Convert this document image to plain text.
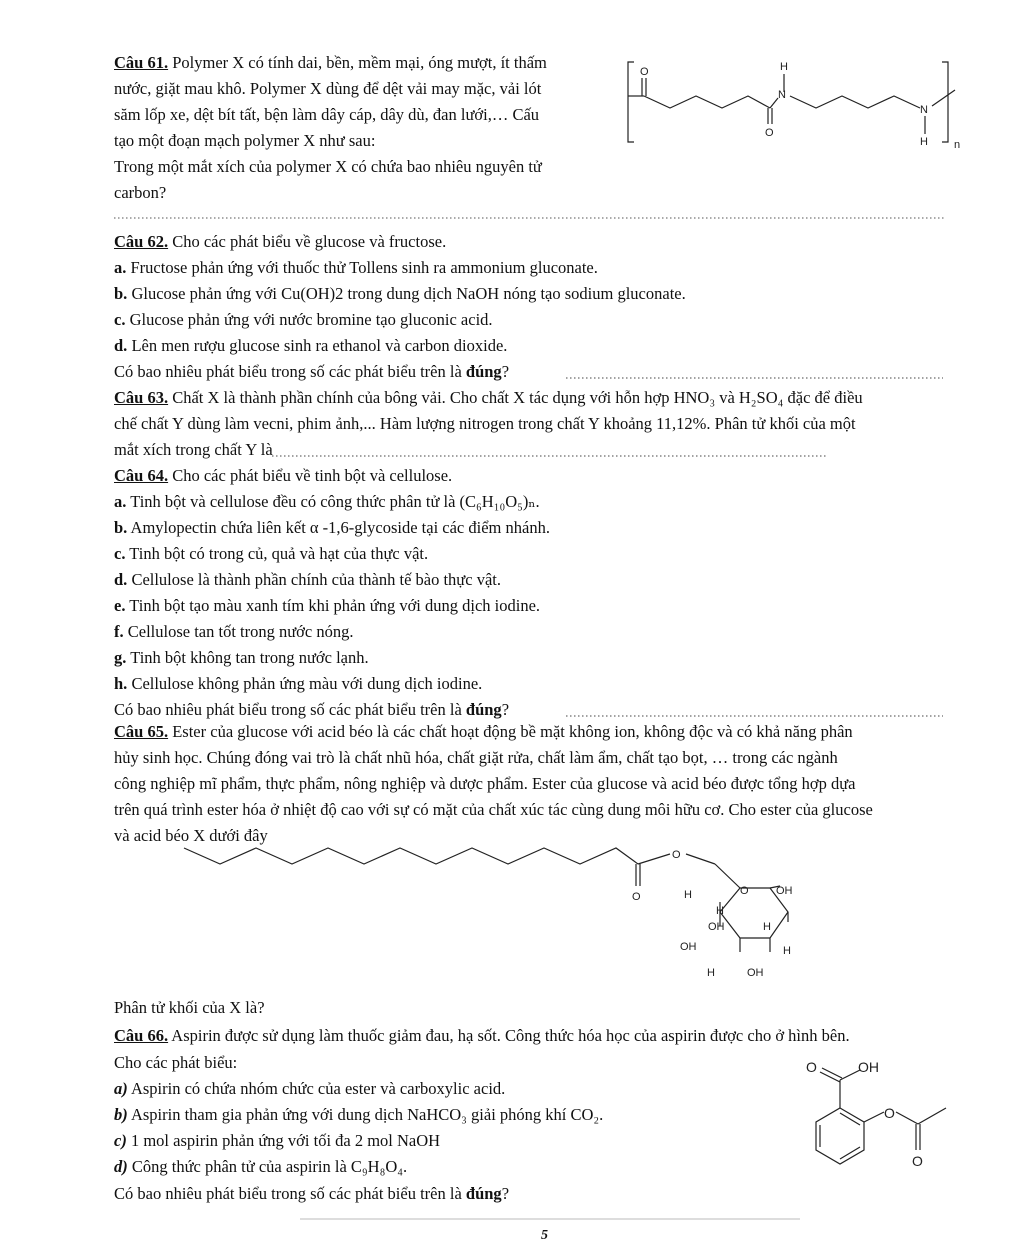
Câu 61. Polymer X có tính dai, bền, mềm mại, óng mượt, ít thấm
nước, giặt mau khô. Polymer X dùng để dệt vải may mặc, vải lót
săm lốp xe, dệt bít tất, bện làm dây cáp, dây dù, đan lưới,… Cấu
tạo một đoạn mạch polymer X như sau:
Trong một mắt xích của polymer X có chứa bao nhiêu nguyên tử
carbon?
O
O
H
N
N
H n
Câu 62. Cho các phát biểu về glucose và fructose.
a. Fructose phản ứng với thuốc thử Tollens sinh ra ammonium gluconate.
b. Glucose phản ứng với Cu(OH)2 trong dung dịch NaOH nóng tạo sodium gluconate.
c. Glucose phản ứng với nước bromine tạo gluconic acid.
d. Lên men rượu glucose sinh ra ethanol và carbon dioxide.
Có bao nhiêu phát biểu trong số các phát biểu trên là đúng?
Câu 63. Chất X là thành phần chính của bông vải. Cho chất X tác dụng với hỗn hợp HNO₃ và H₂SO₄ đặc để điều
chế chất Y dùng làm vecni, phim ảnh,... Hàm lượng nitrogen trong chất Y khoảng 11,12%. Phân tử khối của một
mắt xích trong chất Y là
Câu 64. Cho các phát biểu về tinh bột và cellulose.
a. Tinh bột và cellulose đều có công thức phân tử là (C₆H₁₀O₅)ₙ.
b. Amylopectin chứa liên kết α -1,6-glycoside tại các điểm nhánh.
c. Tinh bột có trong củ, quả và hạt của thực vật.
d. Cellulose là thành phần chính của thành tế bào thực vật.
e. Tinh bột tạo màu xanh tím khi phản ứng với dung dịch iodine.
f. Cellulose tan tốt trong nước nóng.
g. Tinh bột không tan trong nước lạnh.
h. Cellulose không phản ứng màu với dung dịch iodine.
Có bao nhiêu phát biểu trong số các phát biểu trên là đúng?
Câu 65. Ester của glucose với acid béo là các chất hoạt động bề mặt không ion, không độc và có khả năng phân
hủy sinh học. Chúng đóng vai trò là chất nhũ hóa, chất giặt rửa, chất làm ẩm, chất tạo bọt, … trong các ngành
công nghiệp mĩ phẩm, thực phẩm, nông nghiệp và dược phẩm. Ester của glucose và acid béo được tổng hợp dựa
trên quá trình ester hóa ở nhiệt độ cao với sự có mặt của chất xúc tác cùng dung môi hữu cơ. Cho ester của glucose
và acid béo X dưới đây
O
O	O OH
H
H
OH	H
OH	H
H	OH
Phân tử khối của X là?
Câu 66. Aspirin được sử dụng làm thuốc giảm đau, hạ sốt. Công thức hóa học của aspirin được cho ở hình bên.
Cho các phát biểu:
a) Aspirin có chứa nhóm chức của ester và carboxylic acid.
b) Aspirin tham gia phản ứng với dung dịch NaHCO₃ giải phóng khí CO₂.
c) 1 mol aspirin phản ứng với tối đa 2 mol NaOH
d) Công thức phân tử của aspirin là C₉H₈O₄.
Có bao nhiêu phát biểu trong số các phát biểu trên là đúng?
O	OH
O
O
5
